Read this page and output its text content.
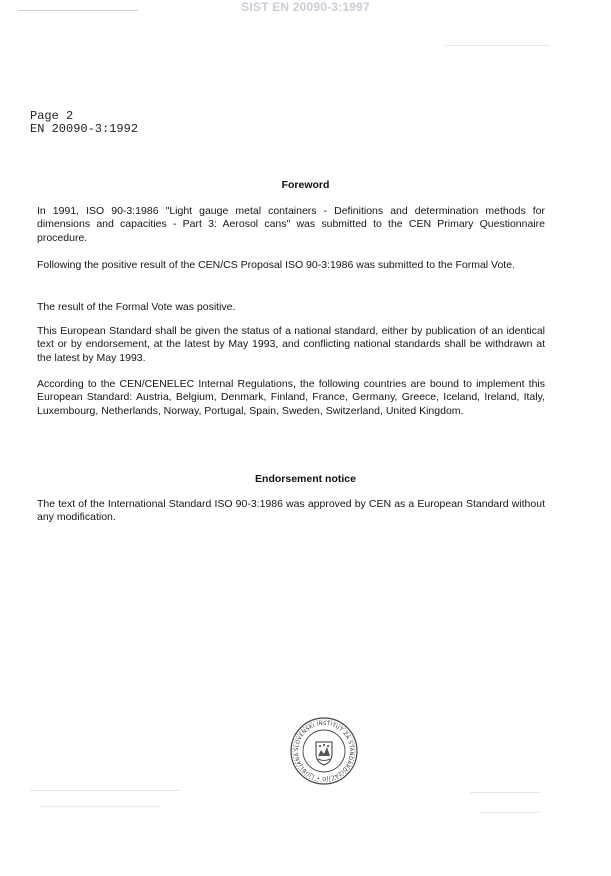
SIST EN 20090-3:1997
Page 2
EN 20090-3:1992
Foreword
In 1991, ISO 90-3:1986 "Light gauge metal containers - Definitions and determination methods for dimensions and capacities - Part 3: Aerosol cans" was submitted to the CEN Primary Questionnaire procedure.
Following the positive result of the CEN/CS Proposal ISO 90-3:1986 was submitted to the Formal Vote.
The result of the Formal Vote was positive.
This European Standard shall be given the status of a national standard, either by publication of an identical text or by endorsement, at the latest by May 1993, and conflicting national standards shall be withdrawn at the latest by May 1993.
According to the CEN/CENELEC Internal Regulations, the following countries are bound to implement this European Standard: Austria, Belgium, Denmark, Finland, France, Germany, Greece, Iceland, Ireland, Italy, Luxembourg, Netherlands, Norway, Portugal, Spain, Sweden, Switzerland, United Kingdom.
Endorsement notice
The text of the International Standard ISO 90-3:1986 was approved by CEN as a European Standard without any modification.
SLOVENSKI INSTITUT ZA STANDARDIZACIJO • LJUBLJANA
